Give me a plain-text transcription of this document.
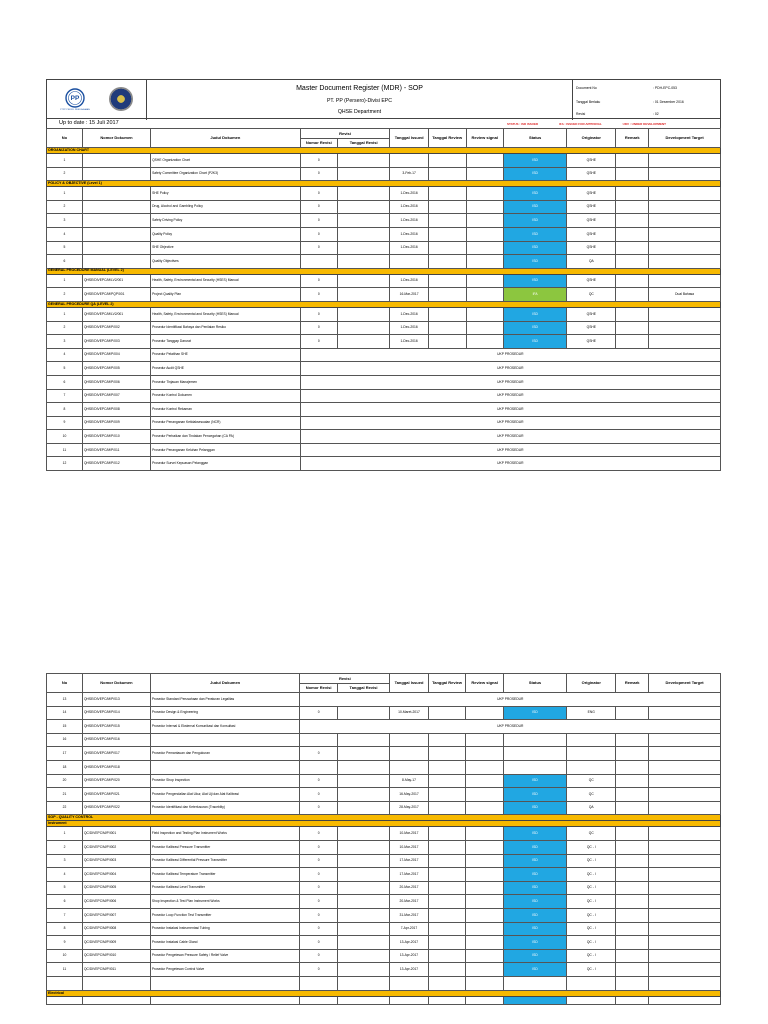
PP
PTPP PROFIL PERUSAHAAN
Master Document Register (MDR) - SOP
PT. PP (Persero)-Divisi EPC
QHSE Department
Document No	: PDH-EPC-053
Tanggal Berlaku	: 01 Desember 2016
Revisi	: 02
Up to date : 15 Juli 2017	STATUS : ISD ISSUED	IFA : ISSUED FOR APPROVAL	UDV : UNDER DEVELOPMENT
No	Nomor Dokumen	Judul Dokumen	Revisi		Tanggal Issued	Tanggal Review	Review signal	Status	Originator	Remark	Development Target
			Nomor Revisi	Tanggal Revisi							
ORGANIZATION CHART											
1		QSHE Organization Chart	0					ISD	QSHE		
2		Safety Committee Organization Chart (P2K3)	0		3-Feb-17			ISD	QSHE		
POLICY & OBJECTIVE (Level 1)											
1		SHE Policy	0		1-Dec-2016			ISD	QSHE		
2		Drug, Alcohol and Gambling Policy	0		1-Dec-2016			ISD	QSHE		
3		Safety Driving Policy	0		1-Dec-2016			ISD	QSHE		
4		Quality Policy	0		1-Dec-2016			ISD	QSHE		
5		SHE Objective	0		1-Dec-2016			ISD	QSHE		
6		Quality Objectives						ISD	QA		
GENERAL PROCEDURE MANUAL (LEVEL 2)											
1	QHSE/DIVEPC/M/LV2/001	Health, Safety, Environmental and Security (HSES) Manual	0		1-Dec-2016			ISD	QSHE		
2	QHSE/DIVEPC/M/PQP/001	Project Quality Plan	0		16-Mar-2017			IFA	QC		Dual Bahasa
GENERAL PROCEDURE QA (LEVEL 2)											
1	QHSE/DIVEPC/M/LV2/001	Health, Safety, Environmental and Security (HSES) Manual	0		1-Dec-2016			ISD	QSHE		
2	QHSE/DIVEPC/M/P/002	Prosedur Identifikasi Bahaya dan Penilaian Resiko	0		1-Dec-2016			ISD	QSHE		
3	QHSE/DIVEPC/M/P/003	Prosedur Tanggap Darurat	0		1-Dec-2016			ISD	QSHE		
4	QHSE/DIVEPC/M/P/004	Prosedur Pelatihan SHE	UKP PROSEDUR								
5	QHSE/DIVEPC/M/P/005	Prosedur Audit QSHE	UKP PROSEDUR								
6	QHSE/DIVEPC/M/P/006	Prosedur Tinjauan Manajemen	UKP PROSEDUR								
7	QHSE/DIVEPC/M/P/007	Prosedur Kontrol Dokumen	UKP PROSEDUR								
8	QHSE/DIVEPC/M/P/008	Prosedur Kontrol Rekaman	UKP PROSEDUR								
9	QHSE/DIVEPC/M/P/009	Prosedur Penanganan Ketidaksesuaian (NCR)	UKP PROSEDUR								
10	QHSE/DIVEPC/M/P/010	Prosedur Perbaikan dan Tindakan Pencegahan (CA PA)	UKP PROSEDUR								
11	QHSE/DIVEPC/M/P/011	Prosedur Penanganan Keluhan Pelanggan	UKP PROSEDUR								
12	QHSE/DIVEPC/M/P/012	Prosedur Survei Kepuasan Pelanggan	UKP PROSEDUR								
No	Nomor Dokumen	Judul Dokumen	Revisi		Tanggal Issued	Tanggal Review	Review signal	Status	Originator	Remark	Development Target
			Nomor Revisi	Tanggal Revisi							
13	QHSE/DIVEPC/M/P/013	Prosedur Standard Perusahaan dan Peraturan Legalitas	UKP PROSEDUR								
14	QHSE/DIVEPC/M/P/014	Prosedur Design & Engineering	0		10-Maret-2017			ISD	ENG		
15	QHSE/DIVEPC/M/P/015	Prosedur Internal & Eksternal Komunikasi dan Konsultasi	UKP PROSEDUR								
16	QHSE/DIVEPC/M/P/016										
17	QHSE/DIVEPC/M/P/017	Prosedur Pemantauan dan Pengukuran	0								
18	QHSE/DIVEPC/M/P/018										
20	QHSE/DIVEPC/M/P/020	Prosedur Shop Inspection	0		8-May-17			ISD	QC		
21	QHSE/DIVEPC/M/P/021	Prosedur Pengendalian Alat Ukur, Alat Uji dan Alat Kalibrasi	0		16-May-2017			ISD	QC		
22	QHSE/DIVEPC/M/P/022	Prosedur Identifikasi dan Keterlusuran (Traceblity)	0		28-May-2017			ISD	QA		
SOP - QUALITY CONTROL											
Instrument											
1	QC/DIVEPC/M/P/I001	Field Inspection and Testing Plan Instrument Works	0		10-Mar-2017			ISD	QC		
2	QC/DIVEPC/M/P/I002	Prosedur Kalibrasi Pressure Transmitter	0		10-Mar-2017			ISD	QC - I		
3	QC/DIVEPC/M/P/I003	Prosedur Kalibrasi Differential Pressure Transmitter	0		17-Mar-2017			ISD	QC - I		
4	QC/DIVEPC/M/P/I004	Prosedur Kalibrasi Temperature Transmitter	0		17-Mar-2017			ISD	QC - I		
5	QC/DIVEPC/M/P/I005	Prosedur Kalibrasi Level Transmitter	0		20-Mar-2017			ISD	QC - I		
6	QC/DIVEPC/M/P/I006	Shop Inspection & Test Plan Instrument Works	0		20-Mar-2017			ISD	QC - I		
7	QC/DIVEPC/M/P/I007	Prosedur Loop Function Test Transmitter	0		31-Mar-2017			ISD	QC - I		
8	QC/DIVEPC/M/P/I008	Prosedur Instalasi Instrumentasi Tubing	0		7-Apr-2017			ISD	QC - I		
9	QC/DIVEPC/M/P/I009	Prosedur Instalasi Cable Gland	0		13-Apr-2017			ISD	QC - I		
10	QC/DIVEPC/M/P/I010	Prosedur Pengetesan Pressure Safety / Relief Valve	0		13-Apr-2017			ISD	QC - I		
11	QC/DIVEPC/M/P/I011	Prosedur Pengetesan Control Valve	0		13-Apr-2017			ISD	QC - I		

Electrical											
